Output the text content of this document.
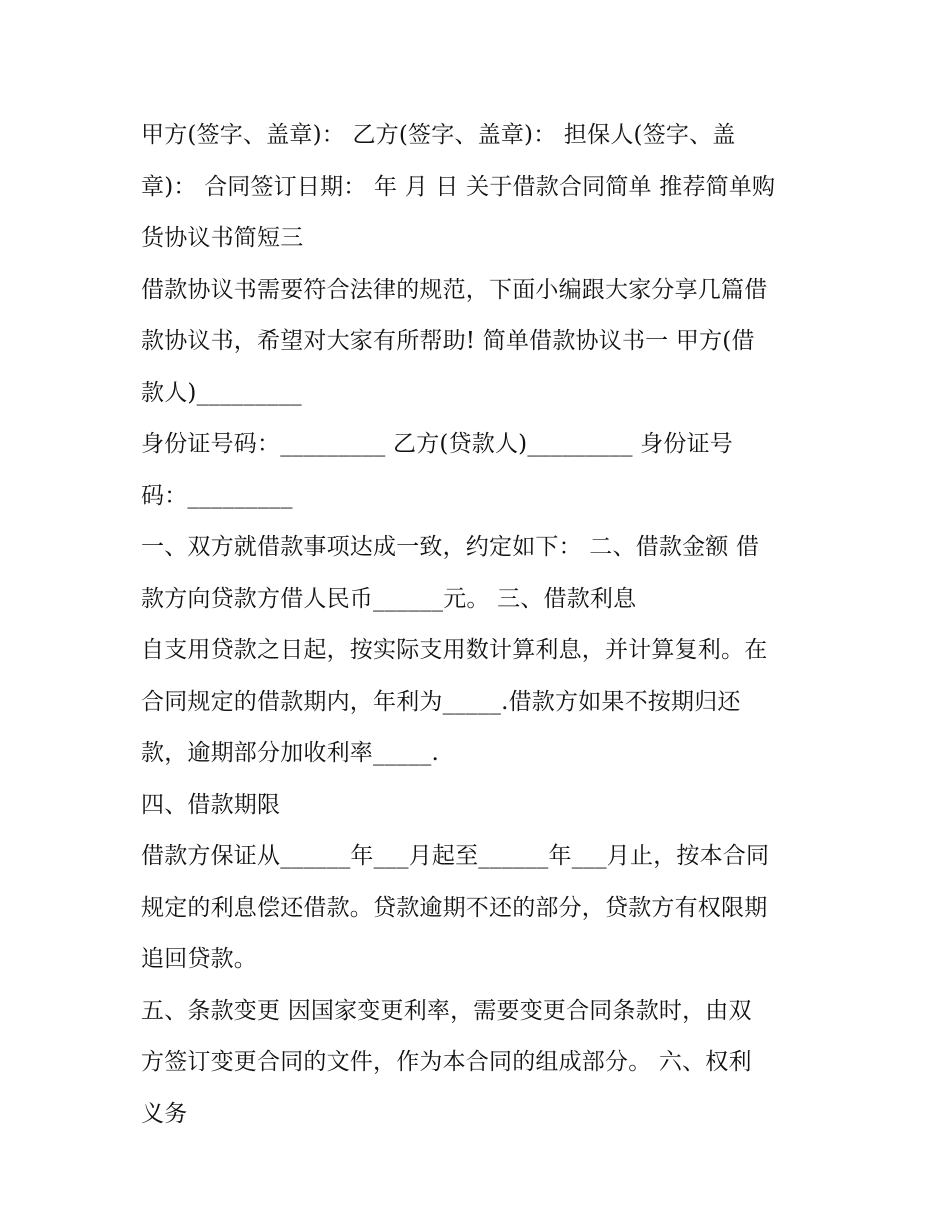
甲方(签字、盖章)： 乙方(签字、盖章)： 担保人(签字、盖
章)： 合同签订日期： 年 月 日 关于借款合同简单 推荐简单购
货协议书简短三
借款协议书需要符合法律的规范，下面小编跟大家分享几篇借
款协议书，希望对大家有所帮助! 简单借款协议书一 甲方(借
款人)_________
身份证号码：_________ 乙方(贷款人)_________ 身份证号
码：_________
一、双方就借款事项达成一致，约定如下： 二、借款金额 借
款方向贷款方借人民币______元。 三、借款利息
自支用贷款之日起，按实际支用数计算利息，并计算复利。在
合同规定的借款期内，年利为_____.借款方如果不按期归还
款，逾期部分加收利率_____.
四、借款期限
借款方保证从______年___月起至______年___月止，按本合同
规定的利息偿还借款。贷款逾期不还的部分，贷款方有权限期
追回贷款。
五、条款变更 因国家变更利率，需要变更合同条款时，由双
方签订变更合同的文件，作为本合同的组成部分。 六、权利
义务
